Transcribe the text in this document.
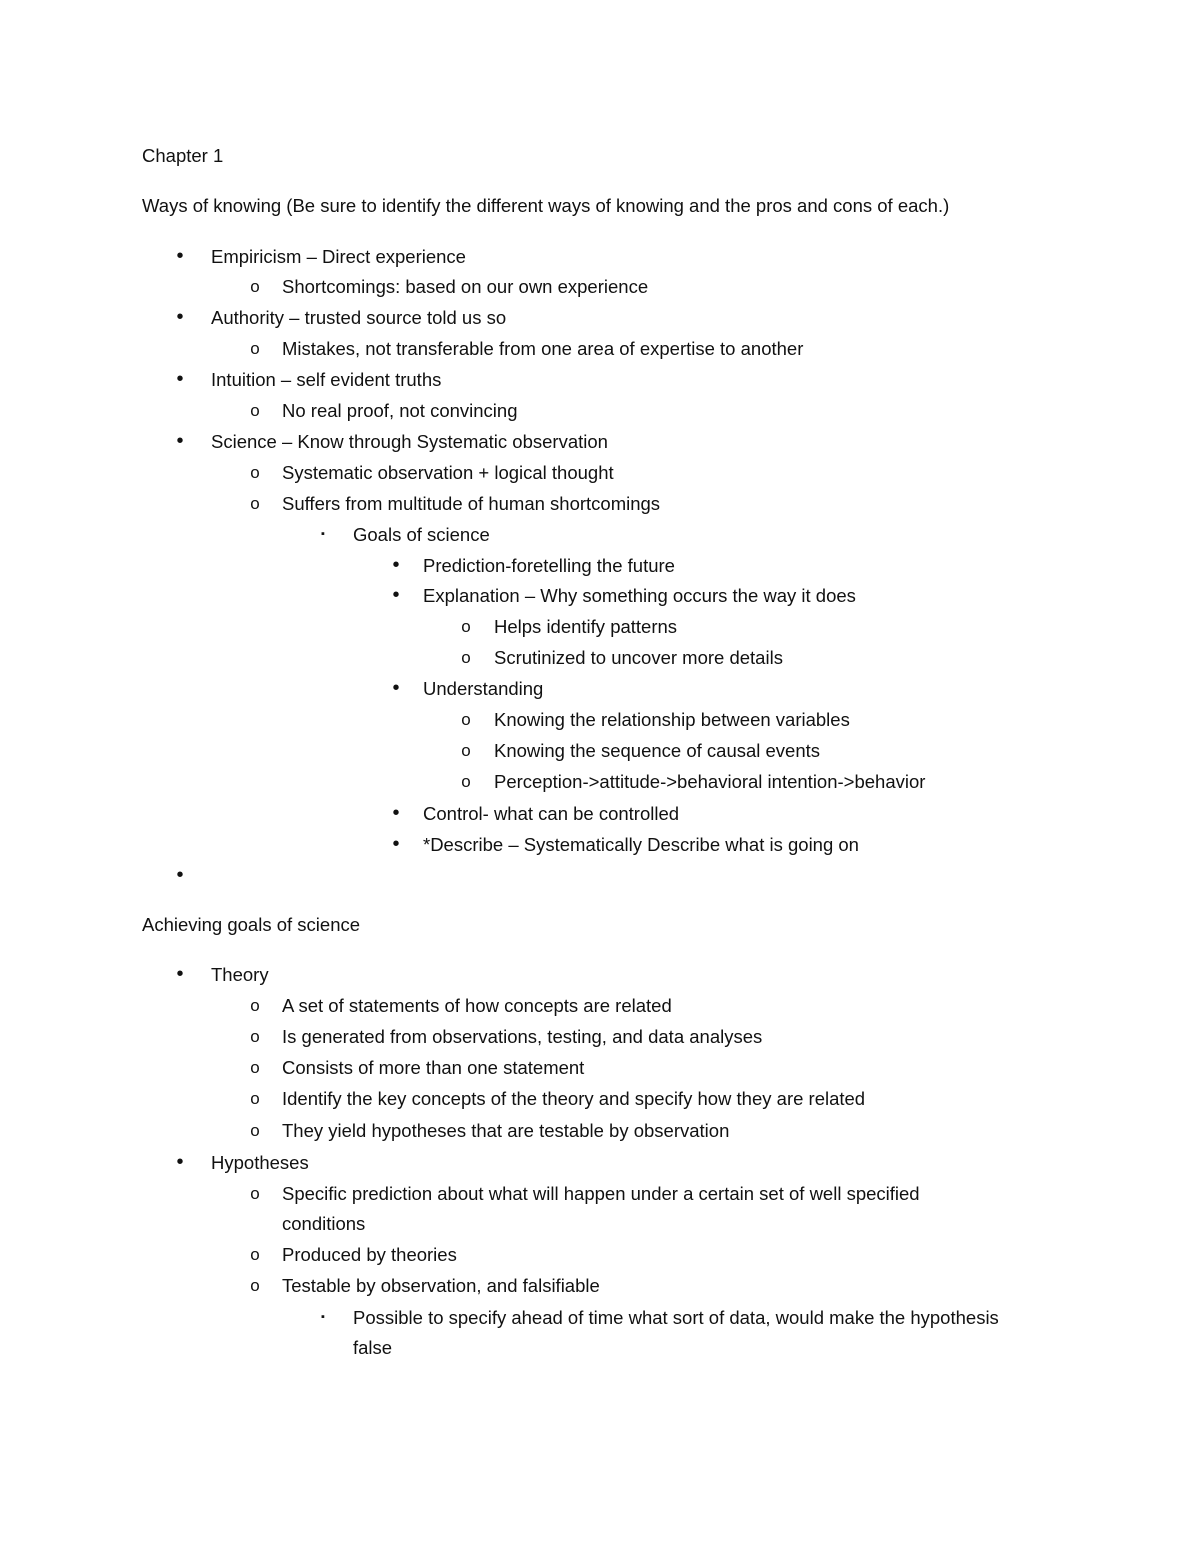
Chapter 1
Ways of knowing (Be sure to identify the different ways of knowing and the pros and cons of each.)
•	Empiricism – Direct experience
o Shortcomings: based on our own experience
•	Authority – trusted source told us so
o Mistakes, not transferable from one area of expertise to another
•	Intuition – self evident truths
o No real proof, not convincing
•	Science – Know through Systematic observation
o Systematic observation + logical thought
o Suffers from multitude of human shortcomings
▪	Goals of science
•	Prediction-foretelling the future
•	Explanation – Why something occurs the way it does
o Helps identify patterns
o Scrutinized to uncover more details
•	Understanding
o Knowing the relationship between variables
o Knowing the sequence of causal events
o Perception->attitude->behavioral intention->behavior
•	Control- what can be controlled
•	*Describe – Systematically Describe what is going on
•
Achieving goals of science
•	Theory
o A set of statements of how concepts are related
o Is generated from observations, testing, and data analyses
o Consists of more than one statement
o Identify the key concepts of the theory and specify how they are related
o They yield hypotheses that are testable by observation
•	Hypotheses
o Specific prediction about what will happen under a certain set of well specified
conditions
o Produced by theories
o Testable by observation, and falsifiable
▪	Possible to specify ahead of time what sort of data, would make the hypothesis
false
